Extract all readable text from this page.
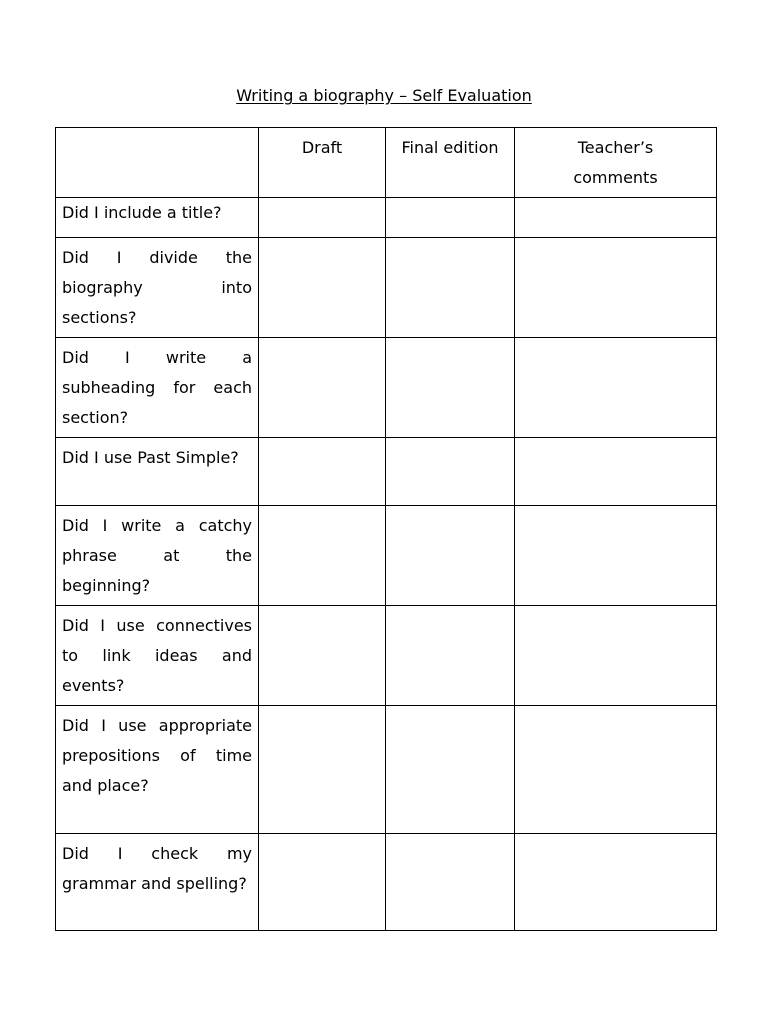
Writing a biography – Self Evaluation
	Draft	Final edition	Teacher’s comments
Did I include a title?			
Did I divide the biography into sections?			
Did I write a subheading for each section?			
Did I use Past Simple?			
Did I write a catchy phrase at the beginning?			
Did I use connectives to link ideas and events?			
Did I use appropriate prepositions of time and place?			
Did I check my grammar and spelling?			
